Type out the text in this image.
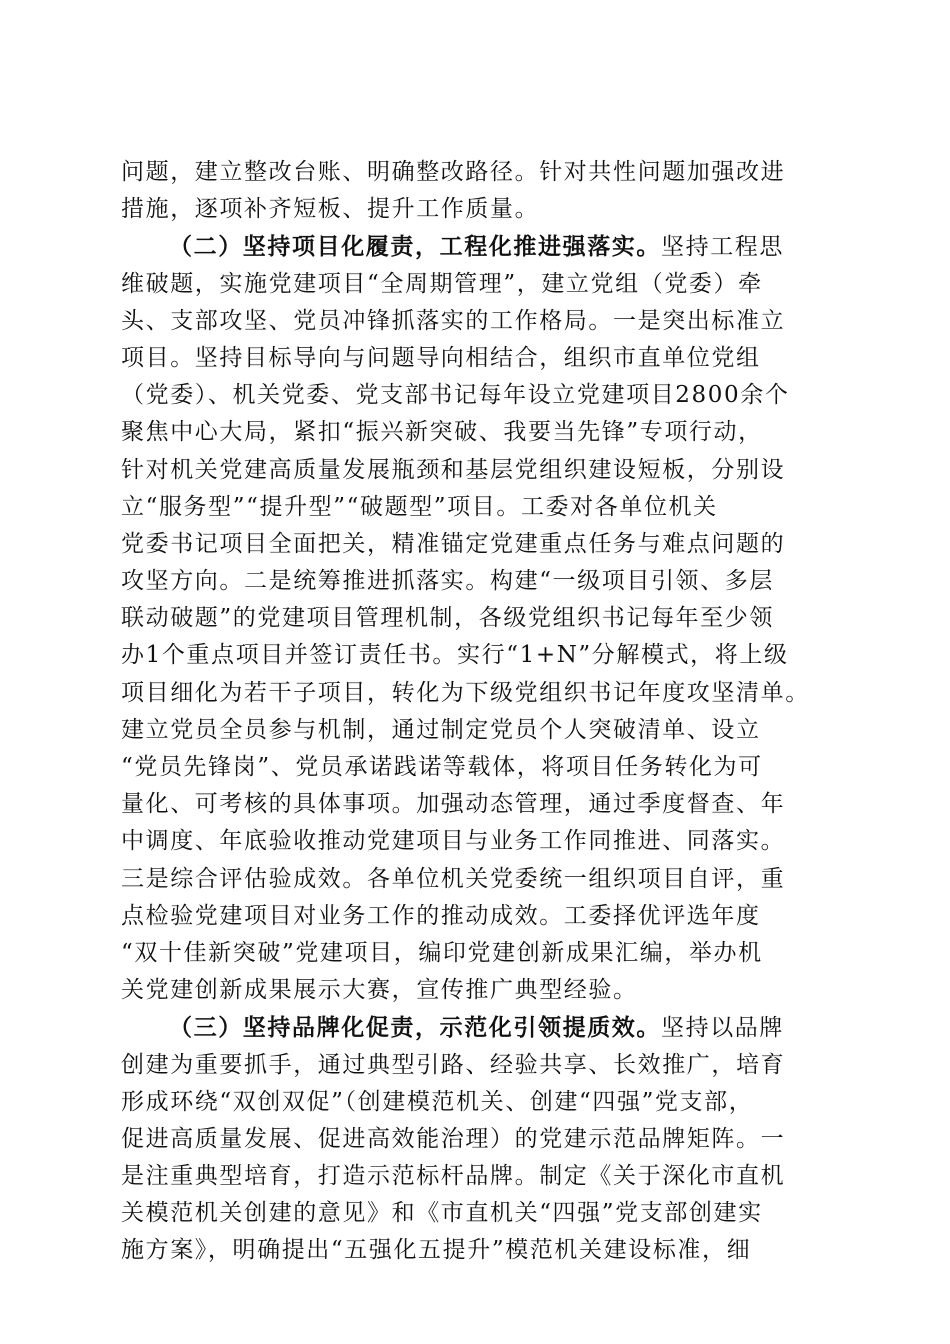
问题，建立整改台账、明确整改路径。针对共性问题加强改进
措施，逐项补齐短板、提升工作质量。
（二）坚持项目化履责，工程化推进强落实。坚持工程思
维破题，实施党建项目“全周期管理”，建立党组（党委）牵
头、支部攻坚、党员冲锋抓落实的工作格局。一是突出标准立
项目。坚持目标导向与问题导向相结合，组织市直单位党组
（党委）、机关党委、党支部书记每年设立党建项目2800余个
聚焦中心大局，紧扣“振兴新突破、我要当先锋”专项行动，
针对机关党建高质量发展瓶颈和基层党组织建设短板，分别设
立“服务型”“提升型”“破题型”项目。工委对各单位机关
党委书记项目全面把关，精准锚定党建重点任务与难点问题的
攻坚方向。二是统筹推进抓落实。构建“一级项目引领、多层
联动破题”的党建项目管理机制，各级党组织书记每年至少领
办1个重点项目并签订责任书。实行“1+N”分解模式，将上级
项目细化为若干子项目，转化为下级党组织书记年度攻坚清单。
建立党员全员参与机制，通过制定党员个人突破清单、设立
“党员先锋岗”、党员承诺践诺等载体，将项目任务转化为可
量化、可考核的具体事项。加强动态管理，通过季度督查、年
中调度、年底验收推动党建项目与业务工作同推进、同落实。
三是综合评估验成效。各单位机关党委统一组织项目自评，重
点检验党建项目对业务工作的推动成效。工委择优评选年度
“双十佳新突破”党建项目，编印党建创新成果汇编，举办机
关党建创新成果展示大赛，宣传推广典型经验。
（三）坚持品牌化促责，示范化引领提质效。坚持以品牌
创建为重要抓手，通过典型引路、经验共享、长效推广，培育
形成环绕“双创双促”（创建模范机关、创建“四强”党支部，
促进高质量发展、促进高效能治理）的党建示范品牌矩阵。一
是注重典型培育，打造示范标杆品牌。制定《关于深化市直机
关模范机关创建的意见》和《市直机关“四强”党支部创建实
施方案》，明确提出“五强化五提升”模范机关建设标准，细
